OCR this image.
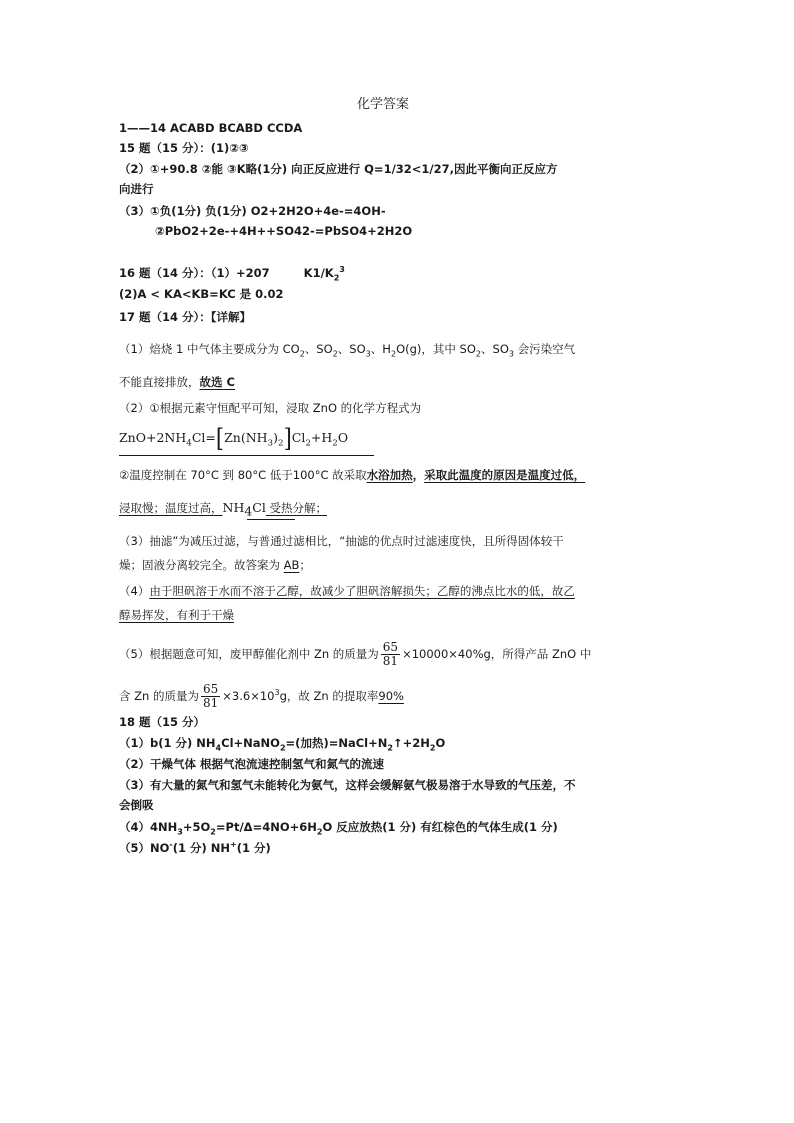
化学答案
1——14 ACABD BCABD CCDA
15 题（15 分）：(1)②③
（2）①+90.8 ②能 ③K略(1分) 向正反应进行 Q=1/32<1/27,因此平衡向正反应方
向进行
（3）①负(1分) 负(1分) O2+2H2O+4e-=4OH-
②PbO2+2e-+4H++SO42-=PbSO4+2H2O
16 题（14 分）：（1）+207	$K1/K_2^3$
(2)A < KA<KB=KC 是 0.02
17 题（14 分）：【详解】
（1）焙烧 1 中气体主要成分为 $CO_2$、$SO_2$、$SO_3$、$H_2O(g)$，其中 $SO_2$、$SO_3$ 会污染空气
不能直接排放，故选 C
（2）①根据元素守恒配平可知，浸取 ZnO 的化学方程式为
$ZnO+2NH_4Cl=[Zn(NH_3)_2]Cl_2+H_2O$
②温度控制在 70°C 到 80°C 低于100°C 故采取水浴加热，采取此温度的原因是温度过低，
浸取慢；温度过高，$NH_4Cl$ 受热分解；
（3）抽滤”为减压过滤，与普通过滤相比，“抽滤的优点时过滤速度快，且所得固体较干
燥；固液分离较完全。故答案为 AB；
（4）由于胆矾溶于水而不溶于乙醇，故减少了胆矾溶解损失；乙醇的沸点比水的低，故乙
醇易挥发，有利于干燥
（5）根据题意可知，废甲醇催化剂中 Zn 的质量为 $\frac{65}{81} \times 10000\times 40\%g$，所得产品 ZnO 中
含 Zn 的质量为 $\frac{65}{81} \times 3.6\times 10^3g$，故 Zn 的提取率90%
18 题（15 分）
（1）b(1 分) $NH_4Cl+NaNO_2=$(加热)$=NaCl+N_2↑+2H_2O$
（2）干燥气体 根据气泡流速控制氢气和氮气的流速
（3）有大量的氮气和氢气未能转化为氨气，这样会缓解氨气极易溶于水导致的气压差，不
会倒吸
$(4)4NH_3+5O_2=Pt/\Delta=4NO+6H_2O$ 反应放热(1 分) 有红棕色的气体生成(1 分)
（5）NO-(1 分) NH+(1 分)
